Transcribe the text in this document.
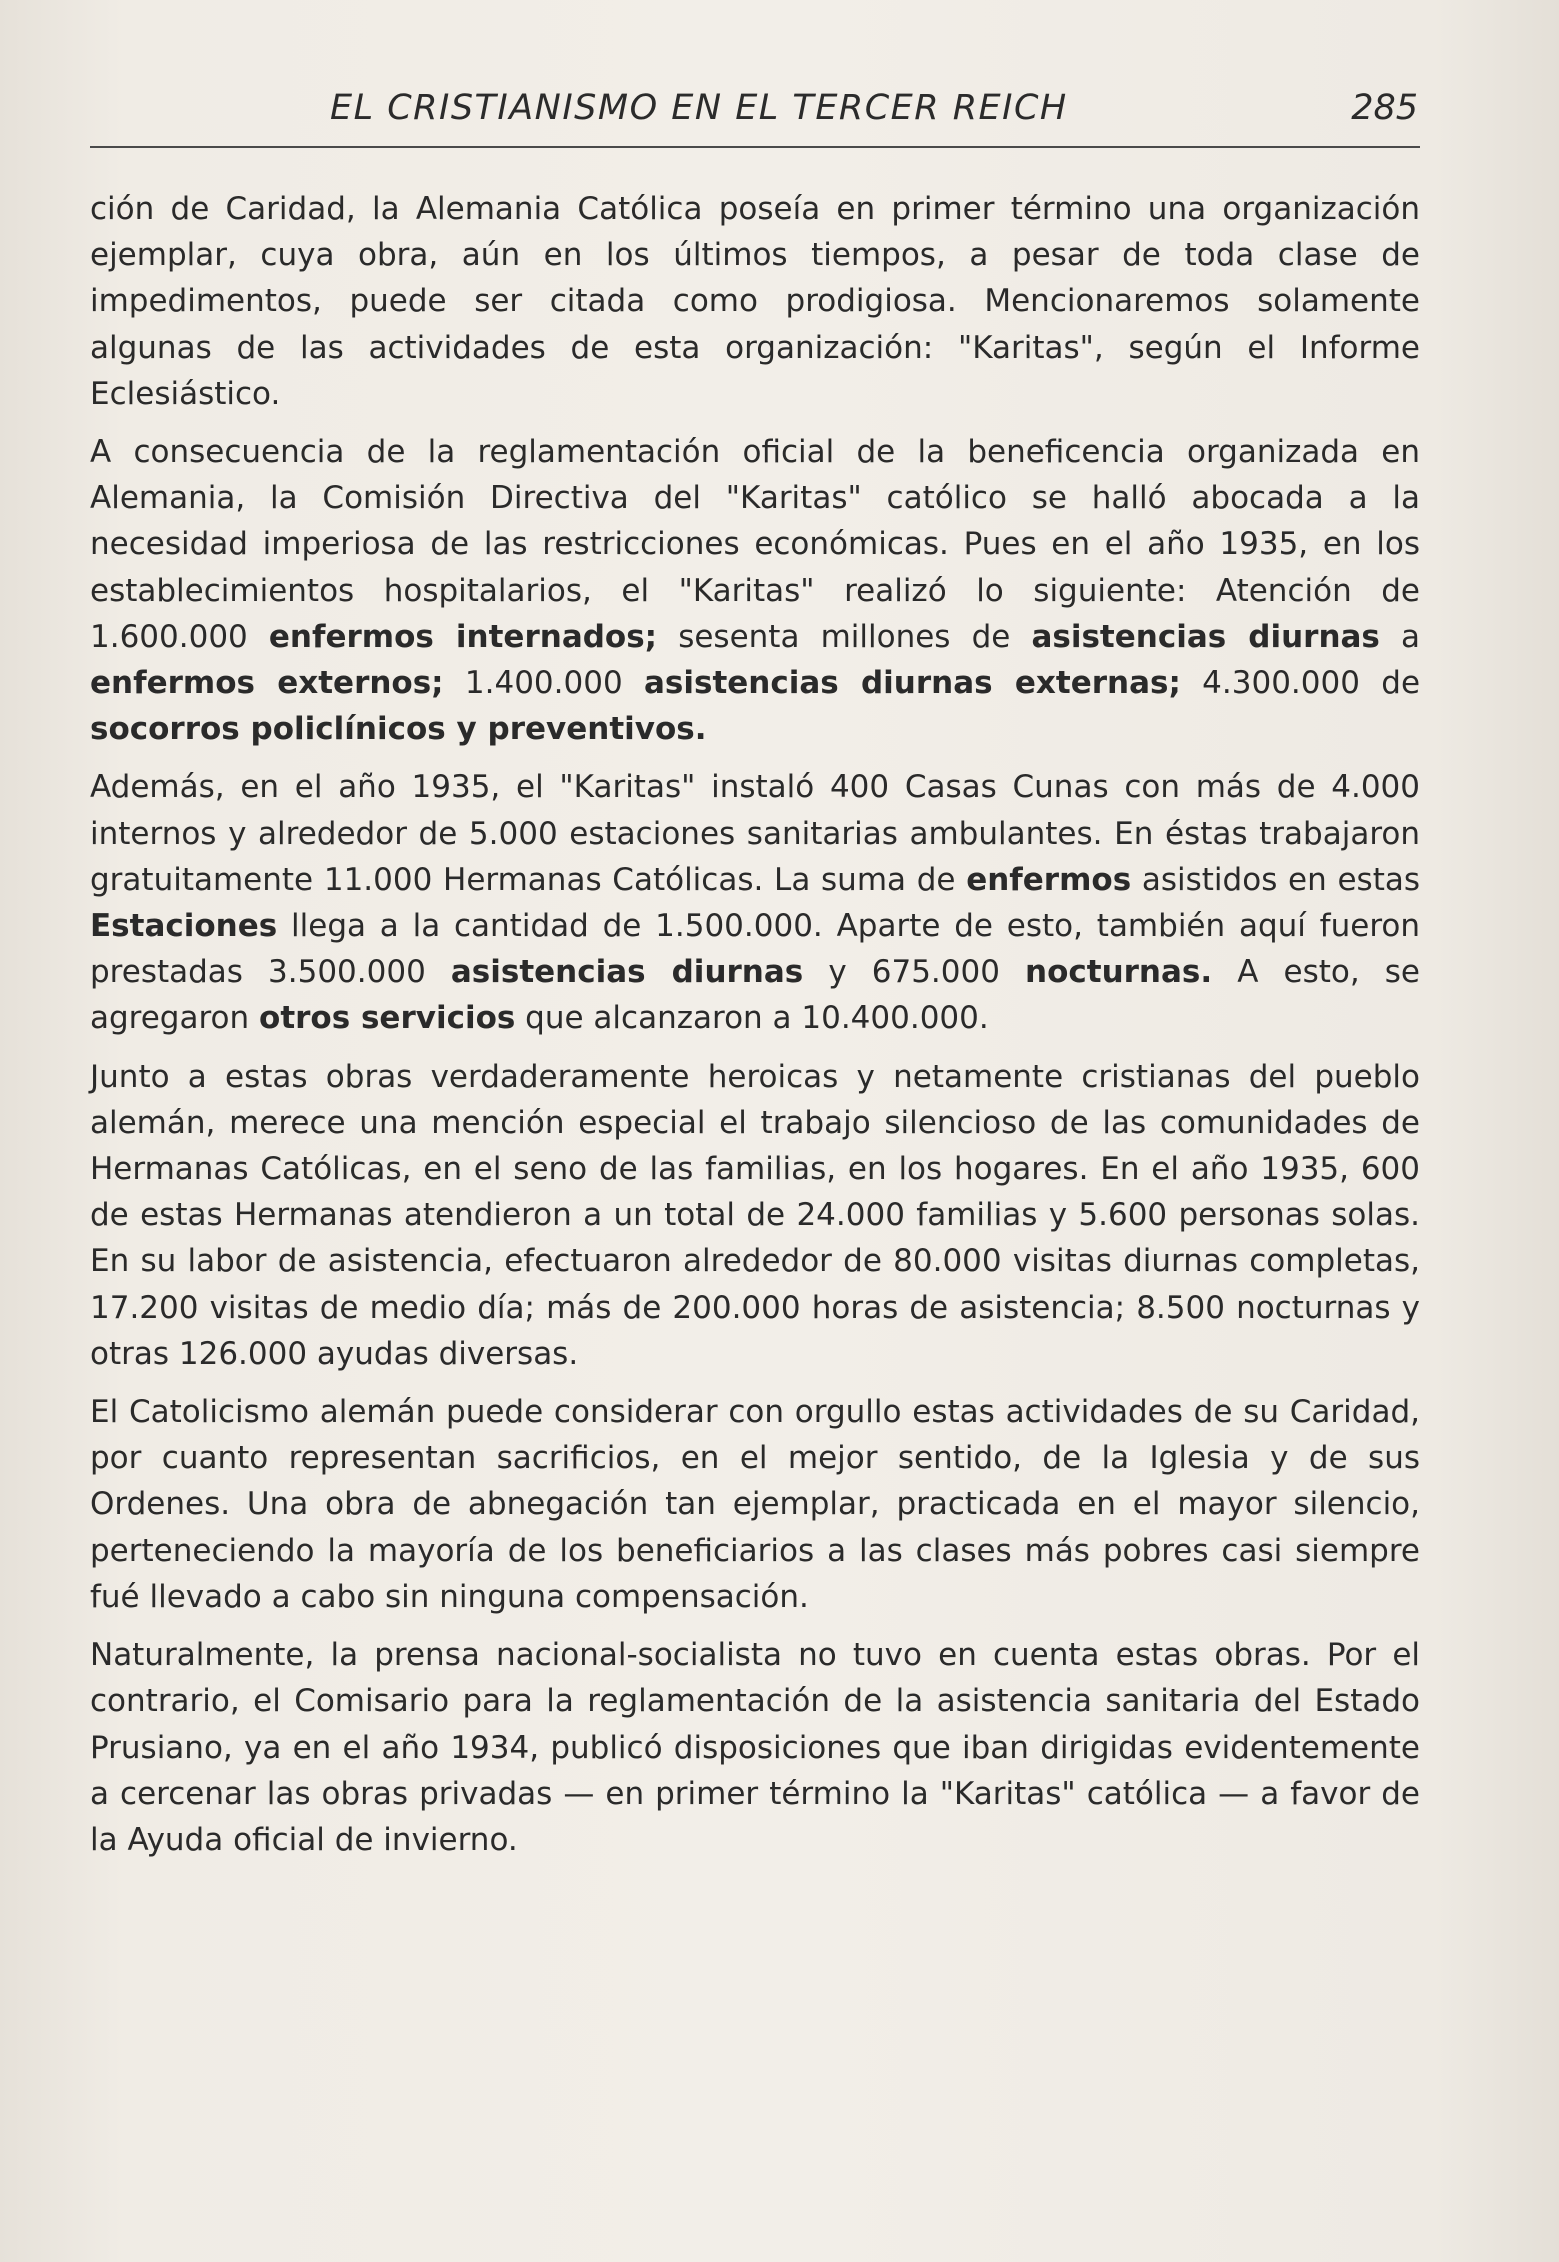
EL CRISTIANISMO EN EL TERCER REICH	285

ción de Caridad, la Alemania Católica poseía en primer término una organización ejemplar, cuya obra, aún en los últimos tiempos, a pesar de toda clase de impedimentos, puede ser citada como prodigiosa. Mencionaremos solamente algunas de las actividades de esta organización: "Karitas", según el Informe Eclesiástico.

A consecuencia de la reglamentación oficial de la beneficencia organizada en Alemania, la Comisión Directiva del "Karitas" católico se halló abocada a la necesidad imperiosa de las restricciones económicas. Pues en el año 1935, en los establecimientos hospitalarios, el "Karitas" realizó lo siguiente: Atención de 1.600.000 enfermos internados; sesenta millones de asistencias diurnas a enfermos externos; 1.400.000 asistencias diurnas externas; 4.300.000 de socorros policlínicos y preventivos.

Además, en el año 1935, el "Karitas" instaló 400 Casas Cunas con más de 4.000 internos y alrededor de 5.000 estaciones sanitarias ambulantes. En éstas trabajaron gratuitamente 11.000 Hermanas Católicas. La suma de enfermos asistidos en estas Estaciones llega a la cantidad de 1.500.000. Aparte de esto, también aquí fueron prestadas 3.500.000 asistencias diurnas y 675.000 nocturnas. A esto, se agregaron otros servicios que alcanzaron a 10.400.000.

Junto a estas obras verdaderamente heroicas y netamente cristianas del pueblo alemán, merece una mención especial el trabajo silencioso de las comunidades de Hermanas Católicas, en el seno de las familias, en los hogares. En el año 1935, 600 de estas Hermanas atendieron a un total de 24.000 familias y 5.600 personas solas. En su labor de asistencia, efectuaron alrededor de 80.000 visitas diurnas completas, 17.200 visitas de medio día; más de 200.000 horas de asistencia; 8.500 nocturnas y otras 126.000 ayudas diversas.

El Catolicismo alemán puede considerar con orgullo estas actividades de su Caridad, por cuanto representan sacrificios, en el mejor sentido, de la Iglesia y de sus Ordenes. Una obra de abnegación tan ejemplar, practicada en el mayor silencio, perteneciendo la mayoría de los beneficiarios a las clases más pobres casi siempre fué llevado a cabo sin ninguna compensación.

Naturalmente, la prensa nacional-socialista no tuvo en cuenta estas obras. Por el contrario, el Comisario para la reglamentación de la asistencia sanitaria del Estado Prusiano, ya en el año 1934, publicó disposiciones que iban dirigidas evidentemente a cercenar las obras privadas — en primer término la "Karitas" católica — a favor de la Ayuda oficial de invierno.
